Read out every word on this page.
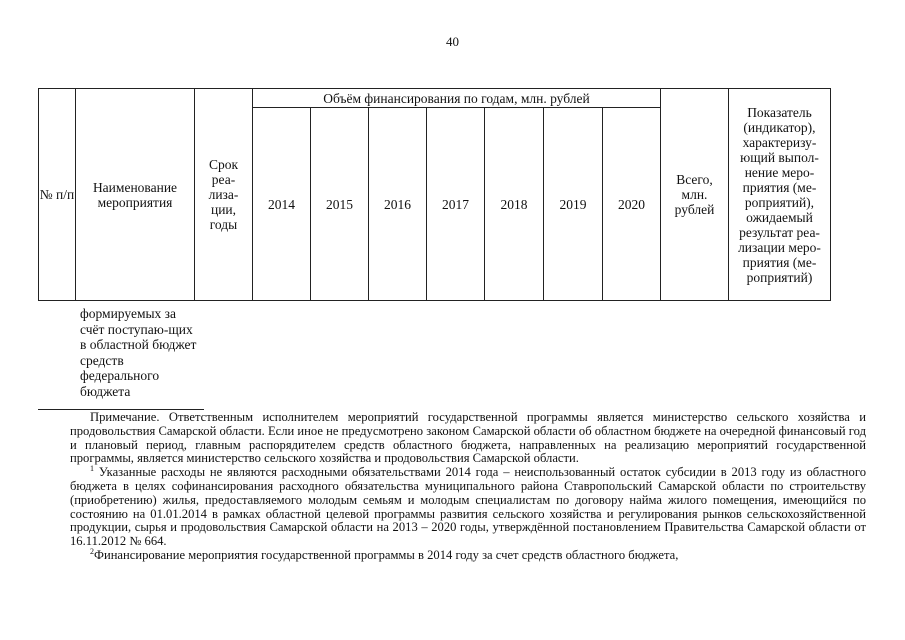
40
№ п/п	Наименование мероприятия	Срок реа-лиза-ции, годы	Объём финансирования по годам, млн. рублей							Всего, млн. рублей	Показатель (индикатор), характеризу-ющий выпол-нение меро-приятия (ме-роприятий), ожидаемый результат реа-лизации меро-приятия (ме-роприятий)

			2014	2015	2016	2017	2018	2019	2020		
формируемых за счёт поступаю-щих в областной бюджет средств федерального бюджета

Примечание. Ответственным исполнителем мероприятий государственной программы является министерство сельского хозяйства и продовольствия Самарской области. Если иное не предусмотрено законом Самарской области об областном бюджете на очередной финансовый год и плановый период, главным распорядителем средств областного бюджета, направленных на реализацию мероприятий государственной программы, является министерство сельского хозяйства и продовольствия Самарской области.

$^1$ Указанные расходы не являются расходными обязательствами 2014 года – неиспользованный остаток субсидии в 2013 году из областного бюджета в целях софинансирования расходного обязательства муниципального района Ставропольский Самарской области по строительству (приобретению) жилья, предоставляемого молодым семьям и молодым специалистам по договору найма жилого помещения, имеющийся по состоянию на 01.01.2014 в рамках областной целевой программы развития сельского хозяйства и регулирования рынков сельскохозяйственной продукции, сырья и продовольствия Самарской области на 2013 – 2020 годы, утверждённой постановлением Правительства Самарской области от 16.11.2012 № 664.

$^2$Финансирование мероприятия государственной программы в 2014 году за счет средств областного бюджета,
